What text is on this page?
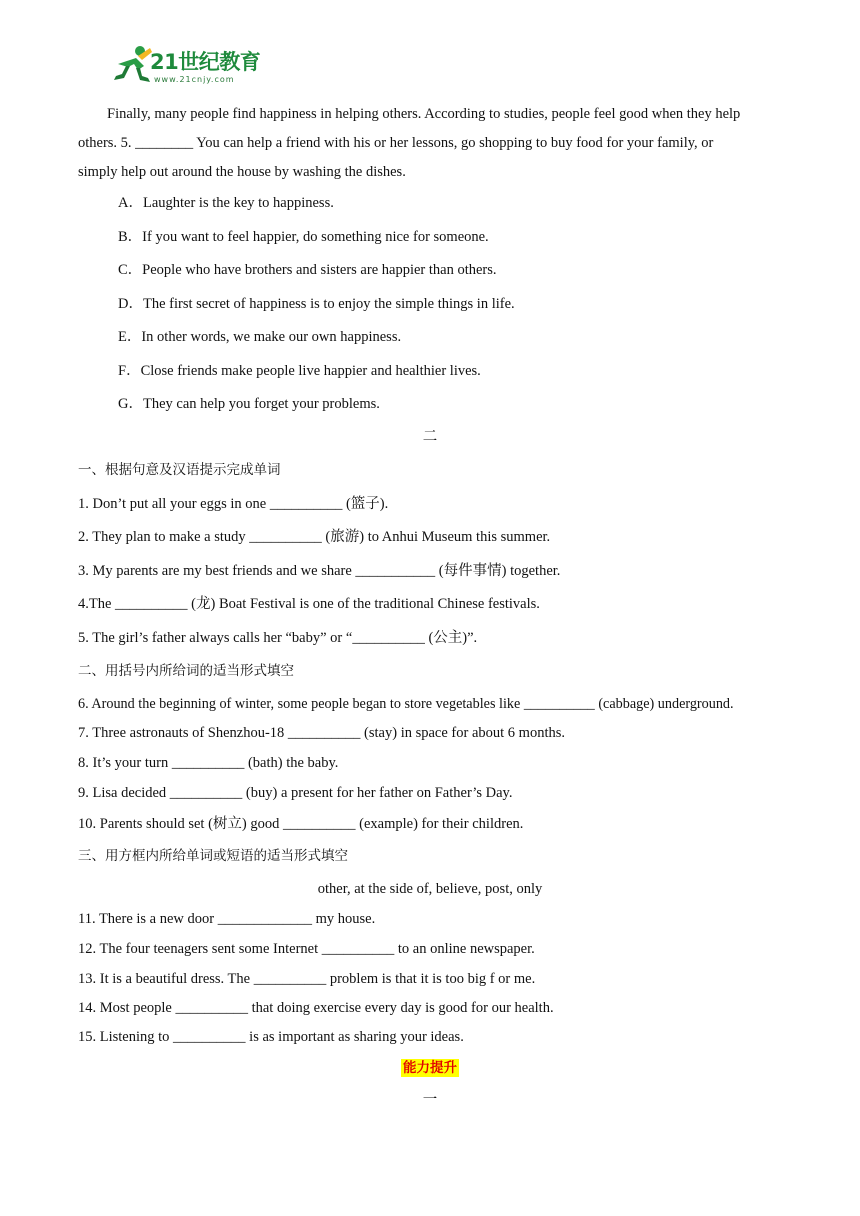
21世纪教育
www.21cnjy.com
Finally, many people find happiness in helping others. According to studies, people feel good when they help
others. 5. ________ You can help a friend with his or her lessons, go shopping to buy food for your family, or
simply help out around the house by washing the dishes.
A．Laughter is the key to happiness.
B．If you want to feel happier, do something nice for someone.
C．People who have brothers and sisters are happier than others.
D．The first secret of happiness is to enjoy the simple things in life.
E．In other words, we make our own happiness.
F．Close friends make people live happier and healthier lives.
G．They can help you forget your problems.
二
一、根据句意及汉语提示完成单词
1. Don’t put all your eggs in one __________ (篮子).
2. They plan to make a study __________ (旅游) to Anhui Museum this summer.
3. My parents are my best friends and we share ___________ (每件事情) together.
4.The __________ (龙) Boat Festival is one of the traditional Chinese festivals.
5. The girl’s father always calls her “baby” or “__________ (公主)”.
二、用括号内所给词的适当形式填空
6. Around the beginning of winter, some people began to store vegetables like __________ (cabbage) underground.
7. Three astronauts of Shenzhou-18 __________ (stay) in space for about 6 months.
8. It’s your turn __________ (bath) the baby.
9. Lisa decided __________ (buy) a present for her father on Father’s Day.
10. Parents should set (树立) good __________ (example) for their children.
三、用方框内所给单词或短语的适当形式填空
other, at the side of, believe, post, only
11. There is a new door _____________ my house.
12. The four teenagers sent some Internet __________ to an online newspaper.
13. It is a beautiful dress. The __________ problem is that it is too big f or me.
14. Most people __________ that doing exercise every day is good for our health.
15. Listening to __________ is as important as sharing your ideas.
能力提升
一
